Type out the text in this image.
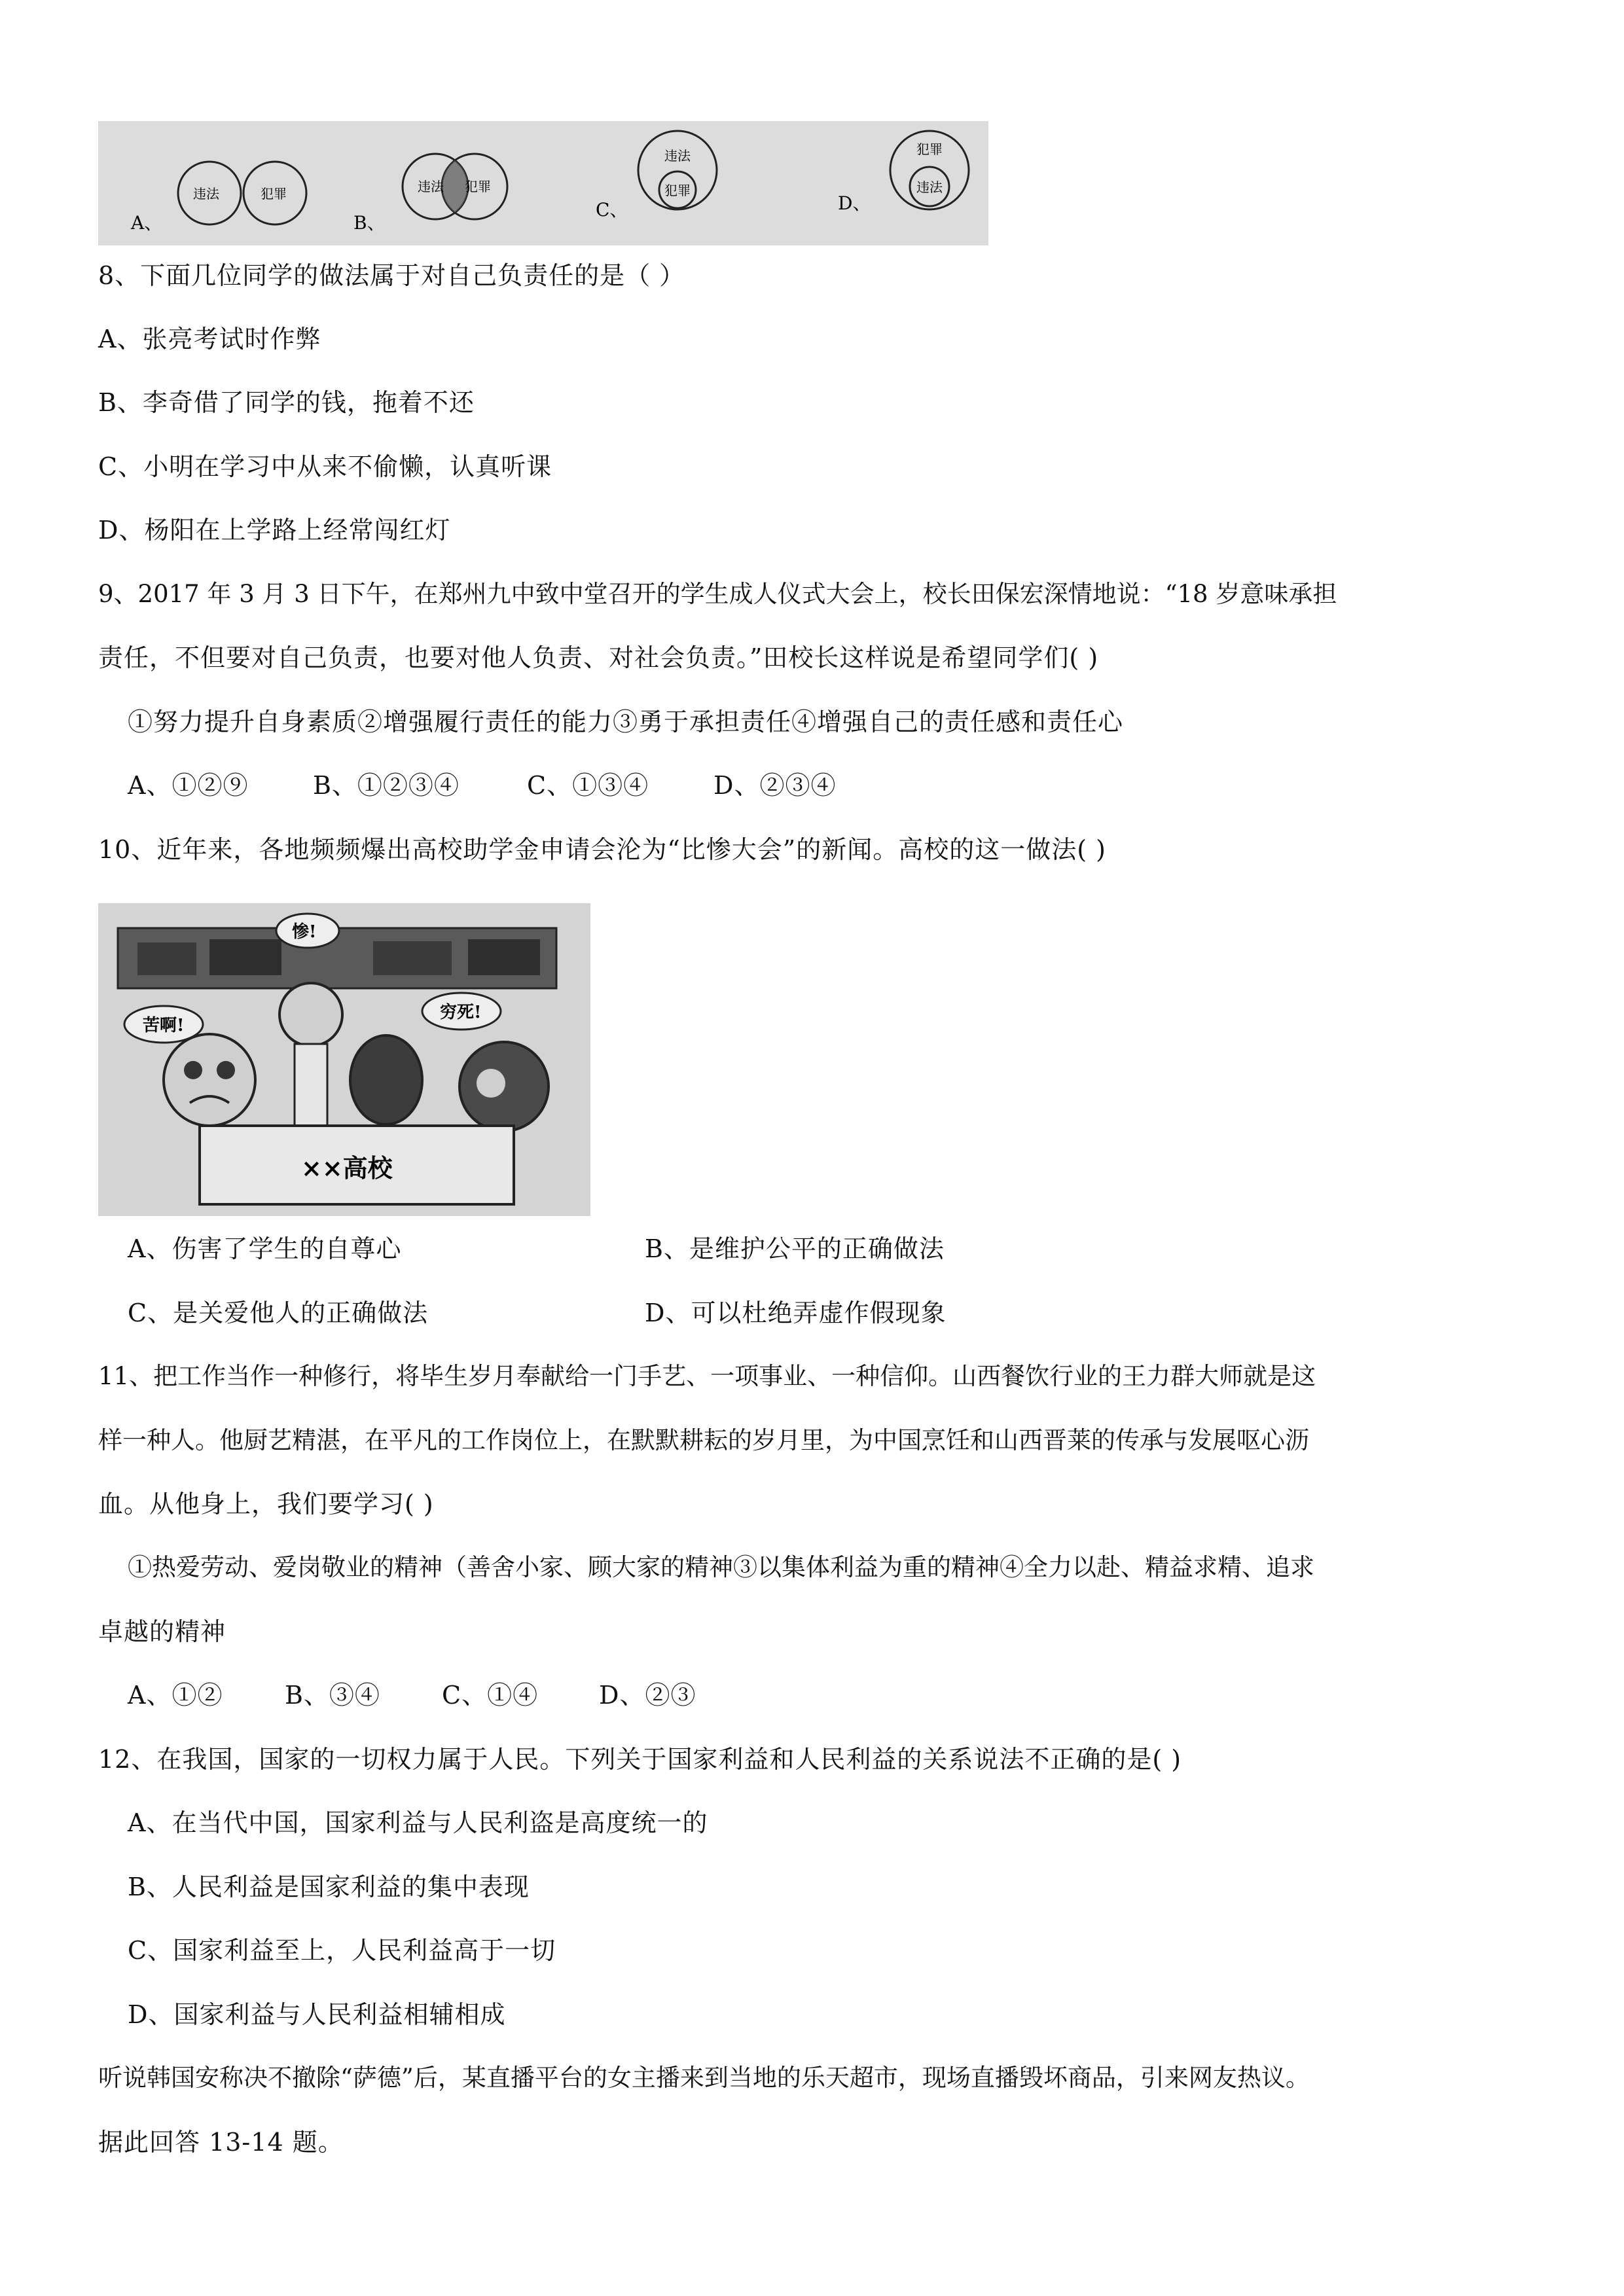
A、
违法	犯罪
B、
违法 犯罪
C、
违法
犯罪
D、
犯罪
违法
8、下面几位同学的做法属于对自己负责任的是（ ）
A、张亮考试时作弊
B、李奇借了同学的钱，拖着不还
C、小明在学习中从来不偷懒，认真听课
D、杨阳在上学路上经常闯红灯
9、2017 年 3 月 3 日下午，在郑州九中致中堂召开的学生成人仪式大会上，校长田保宏深情地说：“18 岁意味承担
责任，不但要对自己负责，也要对他人负责、对社会负责。”田校长这样说是希望同学们( )
①努力提升自身素质②增强履行责任的能力③勇于承担责任④增强自己的责任感和责任心
A、①②⑨	B、①②③④	C、①③④	D、②③④
10、近年来，各地频频爆出高校助学金申请会沦为“比惨大会”的新闻。高校的这一做法( )
惨!
苦啊!
穷死!
××高校
A、伤害了学生的自尊心	B、是维护公平的正确做法
C、是关爱他人的正确做法	D、可以杜绝弄虚作假现象
11、把工作当作一种修行，将毕生岁月奉献给一门手艺、一项事业、一种信仰。山西餐饮行业的王力群大师就是这
样一种人。他厨艺精湛，在平凡的工作岗位上，在默默耕耘的岁月里，为中国烹饪和山西晋莱的传承与发展呕心沥
血。从他身上，我们要学习( )
①热爱劳动、爱岗敬业的精神（善舍小家、顾大家的精神③以集体利益为重的精神④全力以赴、精益求精、追求
卓越的精神
A、①② B、③④ C、①④ D、②③
12、在我国，国家的一切权力属于人民。下列关于国家利益和人民利益的关系说法不正确的是( )
A、在当代中国，国家利益与人民利盗是高度统一的
B、人民利益是国家利益的集中表现
C、国家利益至上，人民利益高于一切
D、国家利益与人民利益相辅相成
听说韩国安称决不撤除“萨德”后，某直播平台的女主播来到当地的乐天超市，现场直播毁坏商品，引来网友热议。
据此回答 13-14 题。
